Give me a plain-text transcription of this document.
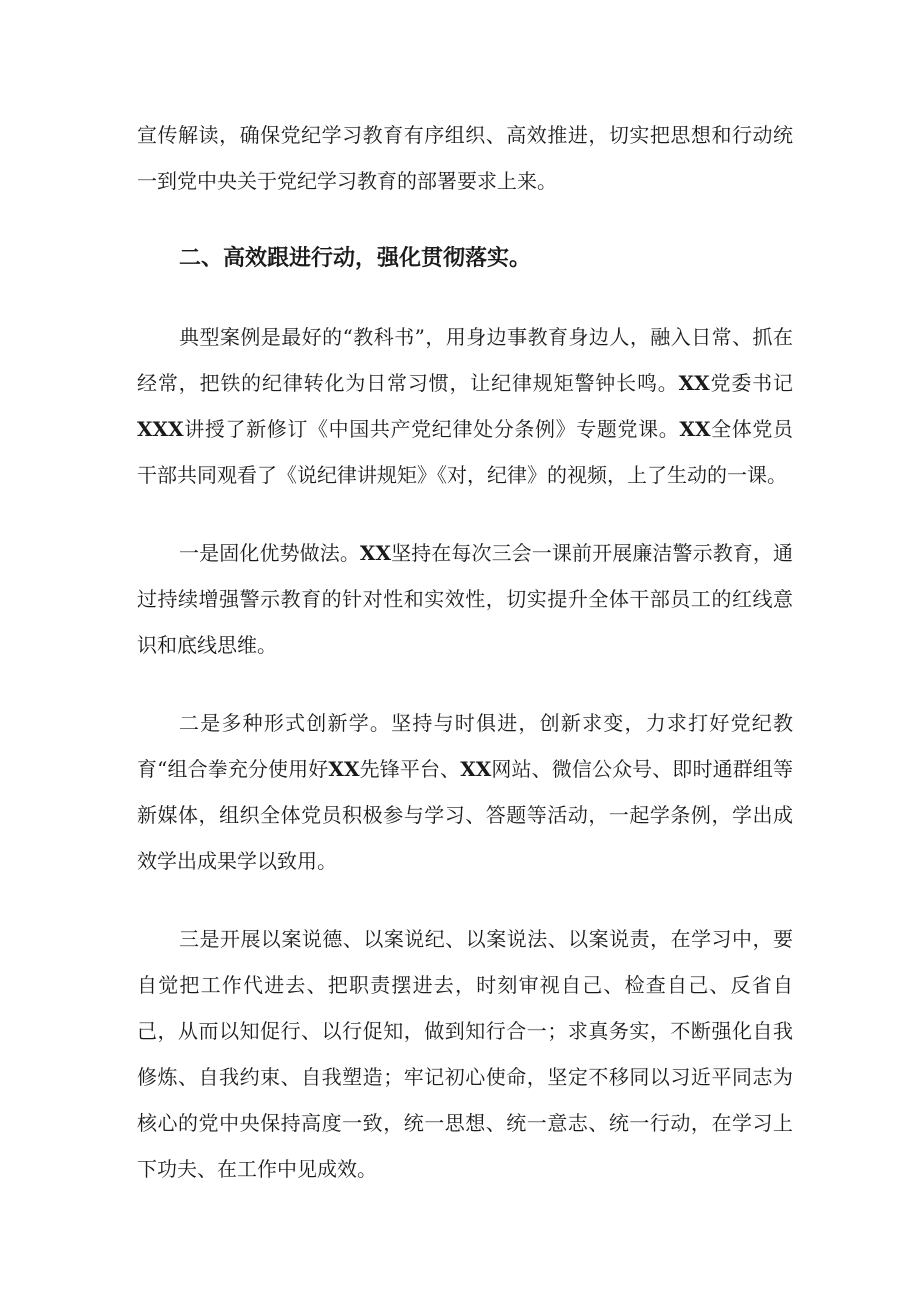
宣传解读，确保党纪学习教育有序组织、高效推进，切实把思想和行动统一到党中央关于党纪学习教育的部署要求上来。

二、高效跟进行动，强化贯彻落实。

典型案例是最好的“教科书”，用身边事教育身边人，融入日常、抓在经常，把铁的纪律转化为日常习惯，让纪律规矩警钟长鸣。XX党委书记XXX讲授了新修订《中国共产党纪律处分条例》专题党课。XX全体党员干部共同观看了《说纪律讲规矩》《对，纪律》的视频，上了生动的一课。

一是固化优势做法。XX坚持在每次三会一课前开展廉洁警示教育，通过持续增强警示教育的针对性和实效性，切实提升全体干部员工的红线意识和底线思维。

二是多种形式创新学。坚持与时俱进，创新求变，力求打好党纪教育“组合拳充分使用好XX先锋平台、XX网站、微信公众号、即时通群组等新媒体，组织全体党员积极参与学习、答题等活动，一起学条例，学出成效学出成果学以致用。

三是开展以案说德、以案说纪、以案说法、以案说责，在学习中，要自觉把工作代进去、把职责摆进去，时刻审视自己、检查自己、反省自己，从而以知促行、以行促知，做到知行合一；求真务实，不断强化自我修炼、自我约束、自我塑造；牢记初心使命，坚定不移同以习近平同志为核心的党中央保持高度一致，统一思想、统一意志、统一行动，在学习上下功夫、在工作中见成效。
